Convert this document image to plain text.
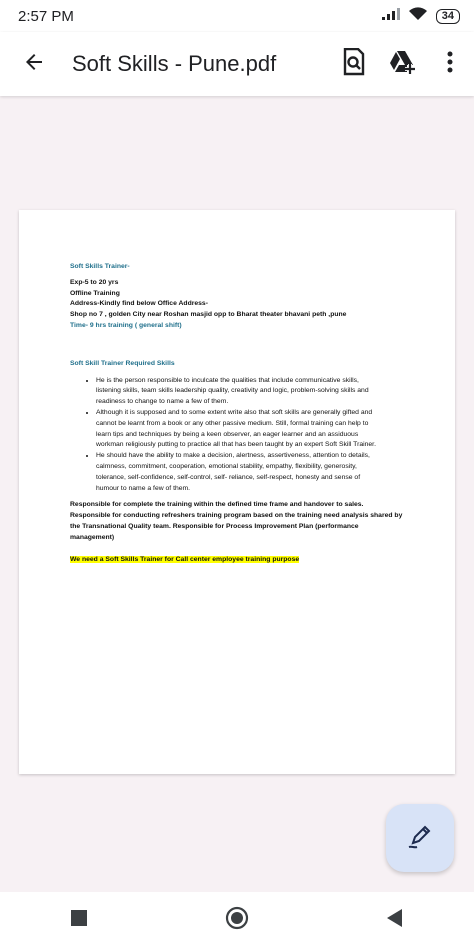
2:57 PM	34
Soft Skills - Pune.pdf
Soft Skills Trainer-
Exp-5 to 20 yrs
Offline Training
Address-Kindly find below Office Address-
Shop no 7 , golden City near Roshan masjid opp to Bharat theater bhavani peth ,pune
Time- 9 hrs training ( general shift)
Soft Skill Trainer Required Skills
• He is the person responsible to inculcate the qualities that include communicative skills,
listening skills, team skills leadership quality, creativity and logic, problem-solving skills and
readiness to change to name a few of them.
• Although it is supposed and to some extent write also that soft skills are generally gifted and
cannot be learnt from a book or any other passive medium. Still, formal training can help to
learn tips and techniques by being a keen observer, an eager learner and an assiduous
workman religiously putting to practice all that has been taught by an expert Soft Skill Trainer.
• He should have the ability to make a decision, alertness, assertiveness, attention to details,
calmness, commitment, cooperation, emotional stability, empathy, flexibility, generosity,
tolerance, self-confidence, self-control, self- reliance, self-respect, honesty and sense of
humour to name a few of them.
Responsible for complete the training within the defined time frame and handover to sales.
Responsible for conducting refreshers training program based on the training need analysis shared by
the Transnational Quality team. Responsible for Process Improvement Plan (performance
management)
We need a Soft Skills Trainer for Call center employee training purpose
